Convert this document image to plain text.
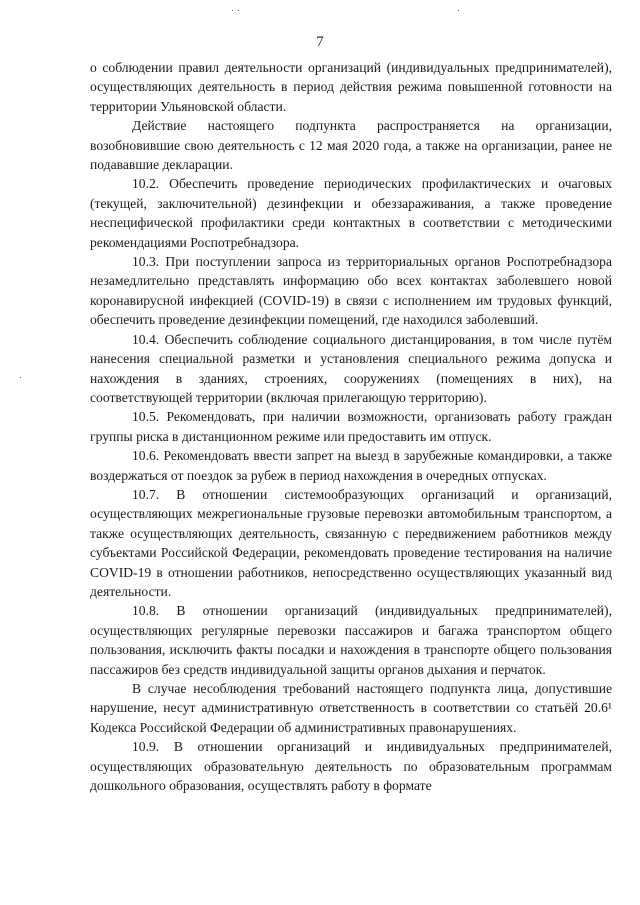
7

о соблюдении правил деятельности организаций (индивидуальных предпринимателей), осуществляющих деятельность в период действия режима повышенной готовности на территории Ульяновской области.

Действие настоящего подпункта распространяется на организации, возобновившие свою деятельность с 12 мая 2020 года, а также на организации, ранее не подававшие декларации.

10.2. Обеспечить проведение периодических профилактических и очаговых (текущей, заключительной) дезинфекции и обеззараживания, а также проведение неспецифической профилактики среди контактных в соответствии с методическими рекомендациями Роспотребнадзора.

10.3. При поступлении запроса из территориальных органов Роспотребнадзора незамедлительно представлять информацию обо всех контактах заболевшего новой коронавирусной инфекцией (COVID-19) в связи с исполнением им трудовых функций, обеспечить проведение дезинфекции помещений, где находился заболевший.

10.4. Обеспечить соблюдение социального дистанцирования, в том числе путём нанесения специальной разметки и установления специального режима допуска и нахождения в зданиях, строениях, сооружениях (помещениях в них), на соответствующей территории (включая прилегающую территорию).

10.5. Рекомендовать, при наличии возможности, организовать работу граждан группы риска в дистанционном режиме или предоставить им отпуск.

10.6. Рекомендовать ввести запрет на выезд в зарубежные командировки, а также воздержаться от поездок за рубеж в период нахождения в очередных отпусках.

10.7. В отношении системообразующих организаций и организаций, осуществляющих межрегиональные грузовые перевозки автомобильным транспортом, а также осуществляющих деятельность, связанную с передвижением работников между субъектами Российской Федерации, рекомендовать проведение тестирования на наличие COVID-19 в отношении работников, непосредственно осуществляющих указанный вид деятельности.

10.8. В отношении организаций (индивидуальных предпринимателей), осуществляющих регулярные перевозки пассажиров и багажа транспортом общего пользования, исключить факты посадки и нахождения в транспорте общего пользования пассажиров без средств индивидуальной защиты органов дыхания и перчаток.

В случае несоблюдения требований настоящего подпункта лица, допустившие нарушение, несут административную ответственность в соответствии со статьёй 20.6¹ Кодекса Российской Федерации об административных правонарушениях.

10.9. В отношении организаций и индивидуальных предпринимателей, осуществляющих образовательную деятельность по образовательным программам дошкольного образования, осуществлять работу в формате
